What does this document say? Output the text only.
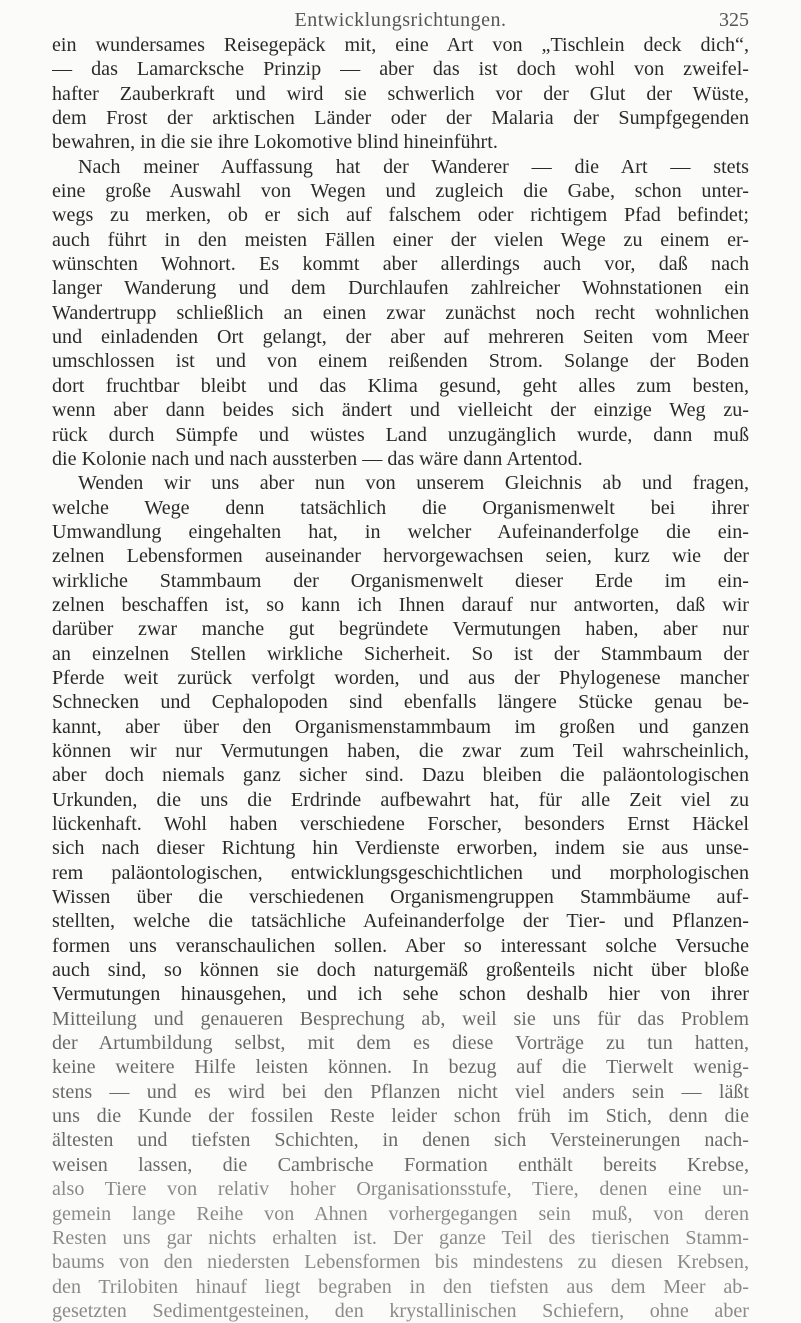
Entwicklungsrichtungen.	325
ein wundersames Reisegepäck mit, eine Art von „Tischlein deck dich“,
— das Lamarcksche Prinzip — aber das ist doch wohl von zweifel-
hafter Zauberkraft und wird sie schwerlich vor der Glut der Wüste,
dem Frost der arktischen Länder oder der Malaria der Sumpfgegenden
bewahren, in die sie ihre Lokomotive blind hineinführt.
Nach meiner Auffassung hat der Wanderer — die Art — stets
eine große Auswahl von Wegen und zugleich die Gabe, schon unter-
wegs zu merken, ob er sich auf falschem oder richtigem Pfad befindet;
auch führt in den meisten Fällen einer der vielen Wege zu einem er-
wünschten Wohnort. Es kommt aber allerdings auch vor, daß nach
langer Wanderung und dem Durchlaufen zahlreicher Wohnstationen ein
Wandertrupp schließlich an einen zwar zunächst noch recht wohnlichen
und einladenden Ort gelangt, der aber auf mehreren Seiten vom Meer
umschlossen ist und von einem reißenden Strom. Solange der Boden
dort fruchtbar bleibt und das Klima gesund, geht alles zum besten,
wenn aber dann beides sich ändert und vielleicht der einzige Weg zu-
rück durch Sümpfe und wüstes Land unzugänglich wurde, dann muß
die Kolonie nach und nach aussterben — das wäre dann Artentod.
Wenden wir uns aber nun von unserem Gleichnis ab und fragen,
welche Wege denn tatsächlich die Organismenwelt bei ihrer
Umwandlung eingehalten hat, in welcher Aufeinanderfolge die ein-
zelnen Lebensformen auseinander hervorgewachsen seien, kurz wie der
wirkliche Stammbaum der Organismenwelt dieser Erde im ein-
zelnen beschaffen ist, so kann ich Ihnen darauf nur antworten, daß wir
darüber zwar manche gut begründete Vermutungen haben, aber nur
an einzelnen Stellen wirkliche Sicherheit. So ist der Stammbaum der
Pferde weit zurück verfolgt worden, und aus der Phylogenese mancher
Schnecken und Cephalopoden sind ebenfalls längere Stücke genau be-
kannt, aber über den Organismenstammbaum im großen und ganzen
können wir nur Vermutungen haben, die zwar zum Teil wahrscheinlich,
aber doch niemals ganz sicher sind. Dazu bleiben die paläontologischen
Urkunden, die uns die Erdrinde aufbewahrt hat, für alle Zeit viel zu
lückenhaft. Wohl haben verschiedene Forscher, besonders Ernst Häckel
sich nach dieser Richtung hin Verdienste erworben, indem sie aus unse-
rem paläontologischen, entwicklungsgeschichtlichen und morphologischen
Wissen über die verschiedenen Organismengruppen Stammbäume auf-
stellten, welche die tatsächliche Aufeinanderfolge der Tier- und Pflanzen-
formen uns veranschaulichen sollen. Aber so interessant solche Versuche
auch sind, so können sie doch naturgemäß großenteils nicht über bloße
Vermutungen hinausgehen, und ich sehe schon deshalb hier von ihrer
Mitteilung und genaueren Besprechung ab, weil sie uns für das Problem
der Artumbildung selbst, mit dem es diese Vorträge zu tun hatten,
keine weitere Hilfe leisten können. In bezug auf die Tierwelt wenig-
stens — und es wird bei den Pflanzen nicht viel anders sein — läßt
uns die Kunde der fossilen Reste leider schon früh im Stich, denn die
ältesten und tiefsten Schichten, in denen sich Versteinerungen nach-
weisen lassen, die Cambrische Formation enthält bereits Krebse,
also Tiere von relativ hoher Organisationsstufe, Tiere, denen eine un-
gemein lange Reihe von Ahnen vorhergegangen sein muß, von deren
Resten uns gar nichts erhalten ist. Der ganze Teil des tierischen Stamm-
baums von den niedersten Lebensformen bis mindestens zu diesen Krebsen,
den Trilobiten hinauf liegt begraben in den tiefsten aus dem Meer ab-
gesetzten Sedimentgesteinen, den krystallinischen Schiefern, ohne aber
